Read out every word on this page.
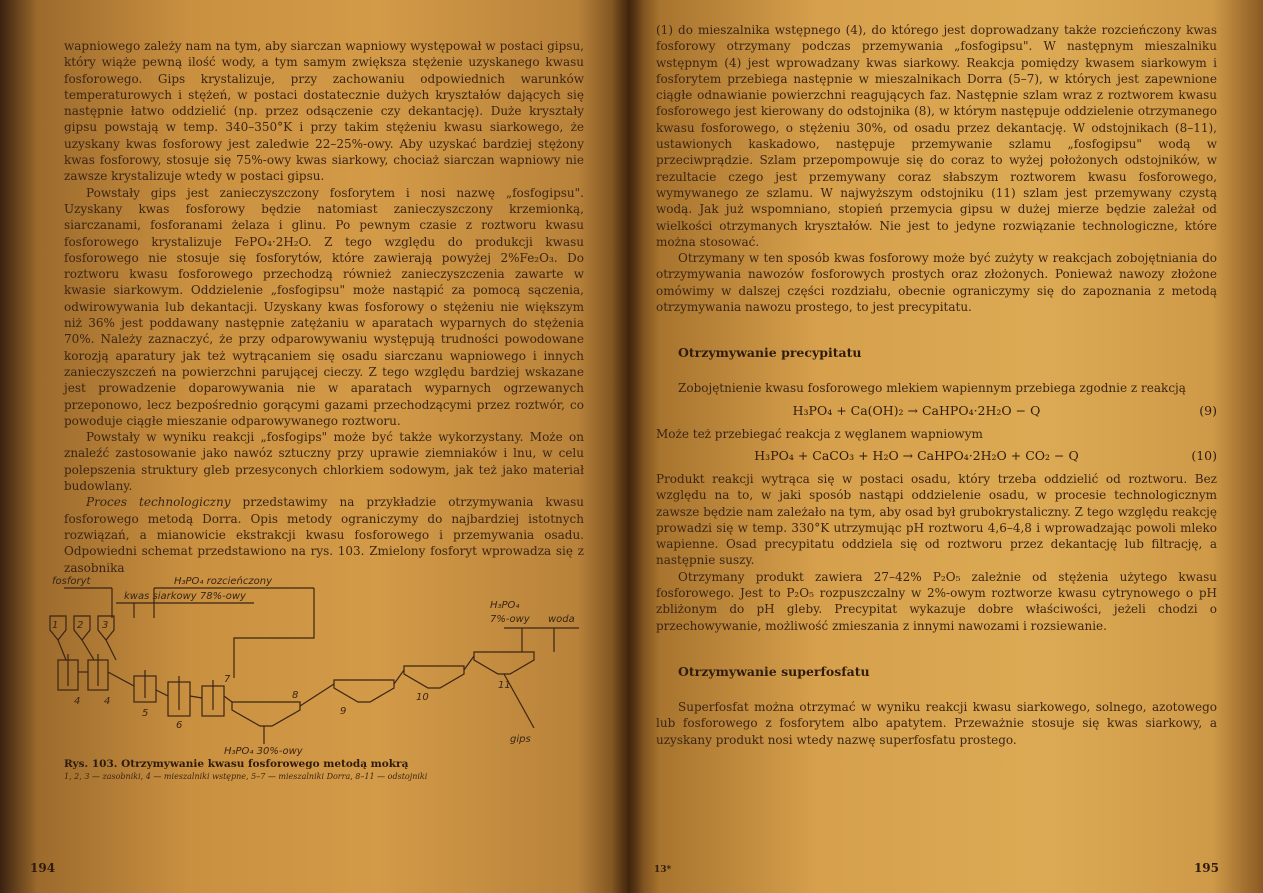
wapniowego zależy nam na tym, aby siarczan wapniowy występował w postaci gipsu, który wiąże pewną ilość wody, a tym samym zwiększa stężenie uzyskanego kwasu fosforowego. Gips krystalizuje, przy zachowaniu odpowiednich warunków temperaturowych i stężeń, w postaci dostatecznie dużych kryształów dających się następnie łatwo oddzielić (np. przez odsączenie czy dekantację). Duże kryształy gipsu powstają w temp. 340–350°K i przy takim stężeniu kwasu siarkowego, że uzyskany kwas fosforowy jest zaledwie 22–25%-owy. Aby uzyskać bardziej stężony kwas fosforowy, stosuje się 75%-owy kwas siarkowy, chociaż siarczan wapniowy nie zawsze krystalizuje wtedy w postaci gipsu.

Powstały gips jest zanieczyszczony fosforytem i nosi nazwę „fosfogipsu". Uzyskany kwas fosforowy będzie natomiast zanieczyszczony krzemionką, siarczanami, fosforanami żelaza i glinu. Po pewnym czasie z roztworu kwasu fosforowego krystalizuje FePO₄·2H₂O. Z tego względu do produkcji kwasu fosforowego nie stosuje się fosforytów, które zawierają powyżej 2%Fe₂O₃. Do roztworu kwasu fosforowego przechodzą również zanieczyszczenia zawarte w kwasie siarkowym. Oddzielenie „fosfogipsu" może nastąpić za pomocą sączenia, odwirowywania lub dekantacji. Uzyskany kwas fosforowy o stężeniu nie większym niż 36% jest poddawany następnie zatężaniu w aparatach wyparnych do stężenia 70%. Należy zaznaczyć, że przy odparowywaniu występują trudności powodowane korozją aparatury jak też wytrącaniem się osadu siarczanu wapniowego i innych zanieczyszczeń na powierzchni parującej cieczy. Z tego względu bardziej wskazane jest prowadzenie doparowywania nie w aparatach wyparnych ogrzewanych przeponowo, lecz bezpośrednio gorącymi gazami przechodzącymi przez roztwór, co powoduje ciągłe mieszanie odparowywanego roztworu.

Powstały w wyniku reakcji „fosfogips" może być także wykorzystany. Może on znaleźć zastosowanie jako nawóz sztuczny przy uprawie ziemniaków i lnu, w celu polepszenia struktury gleb przesyconych chlorkiem sodowym, jak też jako materiał budowlany.

Proces technologiczny przedstawimy na przykładzie otrzymywania kwasu fosforowego metodą Dorra. Opis metody ograniczymy do najbardziej istotnych rozwiązań, a mianowicie ekstrakcji kwasu fosforowego i przemywania osadu. Odpowiedni schemat przedstawiono na rys. 103. Zmielony fosforyt wprowadza się z zasobnika

fosforyt	H₃PO₄ rozcieńczony
kwas siarkowy 78%-owy
H₃PO₄
7%-owy woda
H₃PO₄ 30%-owy
gips
1 2 3
4 4
5
6
7
8
9
10
11
Rys. 103. Otrzymywanie kwasu fosforowego metodą mokrą
1, 2, 3 — zasobniki, 4 — mieszalniki wstępne, 5–7 — mieszalniki Dorra, 8–11 — odstojniki
194

(1) do mieszalnika wstępnego (4), do którego jest doprowadzany także rozcieńczony kwas fosforowy otrzymany podczas przemywania „fosfogipsu". W następnym mieszalniku wstępnym (4) jest wprowadzany kwas siarkowy. Reakcja pomiędzy kwasem siarkowym i fosforytem przebiega następnie w mieszalnikach Dorra (5–7), w których jest zapewnione ciągłe odnawianie powierzchni reagujących faz. Następnie szlam wraz z roztworem kwasu fosforowego jest kierowany do odstojnika (8), w którym następuje oddzielenie otrzymanego kwasu fosforowego, o stężeniu 30%, od osadu przez dekantację. W odstojnikach (8–11), ustawionych kaskadowo, następuje przemywanie szlamu „fosfogipsu" wodą w przeciwprądzie. Szlam przepompowuje się do coraz to wyżej położonych odstojników, w rezultacie czego jest przemywany coraz słabszym roztworem kwasu fosforowego, wymywanego ze szlamu. W najwyższym odstojniku (11) szlam jest przemywany czystą wodą. Jak już wspomniano, stopień przemycia gipsu w dużej mierze będzie zależał od wielkości otrzymanych kryształów. Nie jest to jedyne rozwiązanie technologiczne, które można stosować.

Otrzymany w ten sposób kwas fosforowy może być zużyty w reakcjach zobojętniania do otrzymywania nawozów fosforowych prostych oraz złożonych. Ponieważ nawozy złożone omówimy w dalszej części rozdziału, obecnie ograniczymy się do zapoznania z metodą otrzymywania nawozu prostego, to jest precypitatu.

Otrzymywanie precypitatu

Zobojętnienie kwasu fosforowego mlekiem wapiennym przebiega zgodnie z reakcją

H₃PO₄ + Ca(OH)₂ → CaHPO₄·2H₂O − Q	(9)

Może też przebiegać reakcja z węglanem wapniowym

H₃PO₄ + CaCO₃ + H₂O → CaHPO₄·2H₂O + CO₂ − Q	(10)

Produkt reakcji wytrąca się w postaci osadu, który trzeba oddzielić od roztworu. Bez względu na to, w jaki sposób nastąpi oddzielenie osadu, w procesie technologicznym zawsze będzie nam zależało na tym, aby osad był grubokrystaliczny. Z tego względu reakcję prowadzi się w temp. 330°K utrzymując pH roztworu 4,6–4,8 i wprowadzając powoli mleko wapienne. Osad precypitatu oddziela się od roztworu przez dekantację lub filtrację, a następnie suszy.

Otrzymany produkt zawiera 27–42% P₂O₅ zależnie od stężenia użytego kwasu fosforowego. Jest to P₂O₅ rozpuszczalny w 2%-owym roztworze kwasu cytrynowego o pH zbliżonym do pH gleby. Precypitat wykazuje dobre właściwości, jeżeli chodzi o przechowywanie, możliwość zmieszania z innymi nawozami i rozsiewanie.

Otrzymywanie superfosfatu

Superfosfat można otrzymać w wyniku reakcji kwasu siarkowego, solnego, azotowego lub fosforowego z fosforytem albo apatytem. Przeważnie stosuje się kwas siarkowy, a uzyskany produkt nosi wtedy nazwę superfosfatu prostego.

13*	195
